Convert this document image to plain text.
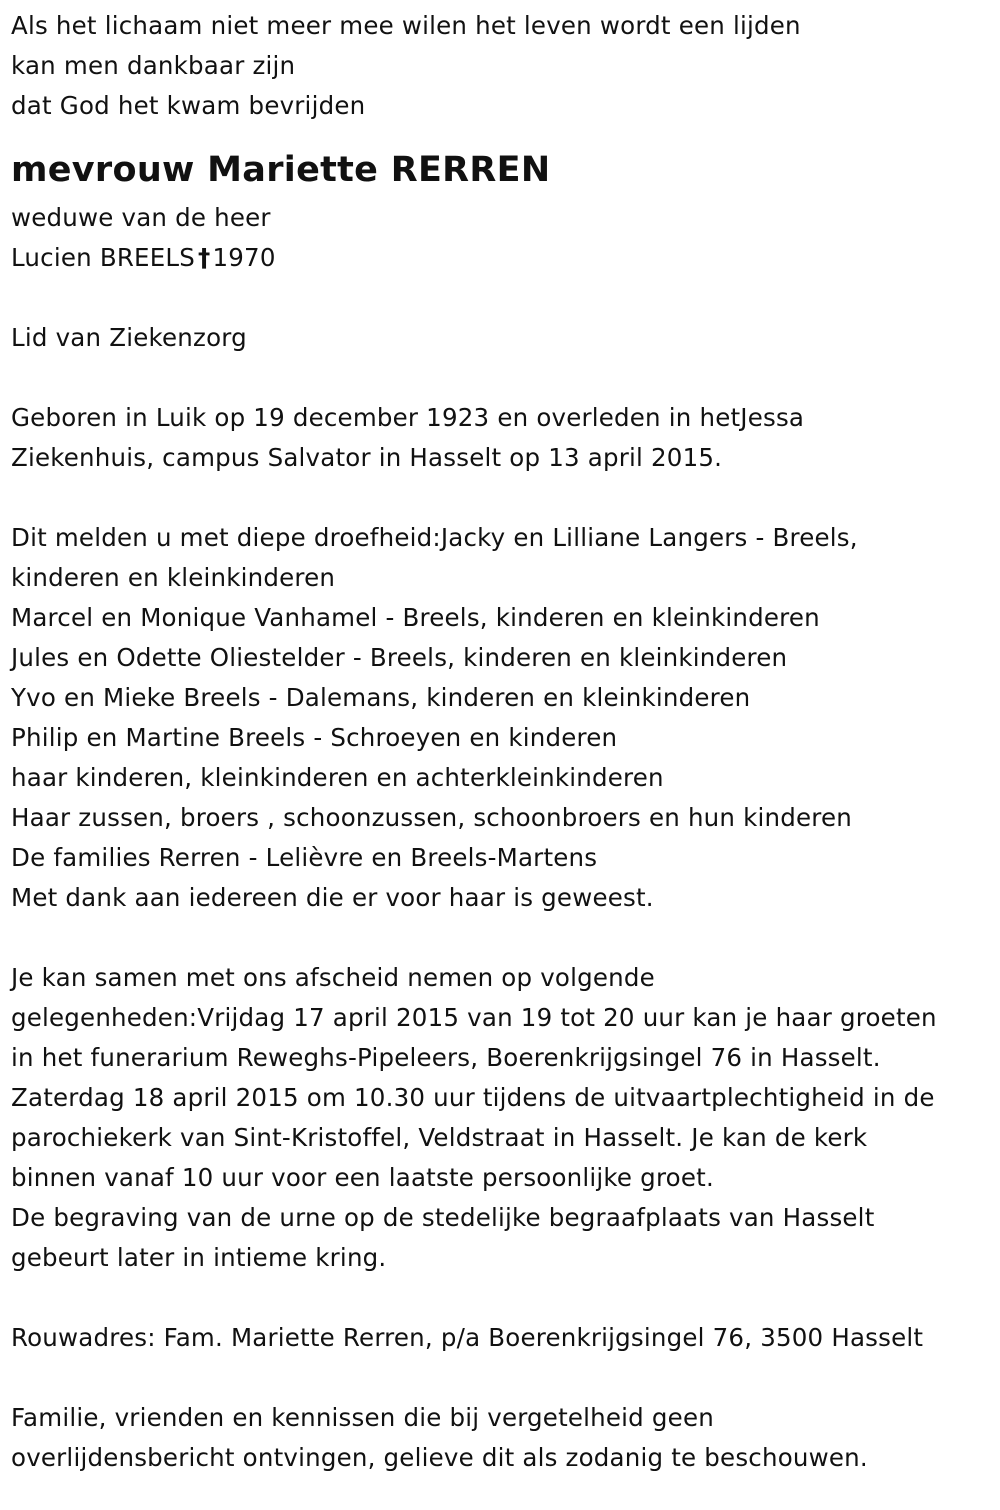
Als het lichaam niet meer mee wilen het leven wordt een lijden
kan men dankbaar zijn
dat God het kwam bevrijden
mevrouw Mariette RERREN
weduwe van de heer
Lucien BREELS †1970
Lid van Ziekenzorg
Geboren in Luik op 19 december 1923 en overleden in hetJessa
Ziekenhuis, campus Salvator in Hasselt op 13 april 2015.
Dit melden u met diepe droefheid:Jacky en Lilliane Langers - Breels,
kinderen en kleinkinderen
Marcel en Monique Vanhamel - Breels, kinderen en kleinkinderen
Jules en Odette Oliestelder - Breels, kinderen en kleinkinderen
Yvo en Mieke Breels - Dalemans, kinderen en kleinkinderen
Philip en Martine Breels - Schroeyen en kinderen
haar kinderen, kleinkinderen en achterkleinkinderen
Haar zussen, broers , schoonzussen, schoonbroers en hun kinderen
De families Rerren - Lelièvre en Breels-Martens
Met dank aan iedereen die er voor haar is geweest.
Je kan samen met ons afscheid nemen op volgende
gelegenheden:Vrijdag 17 april 2015 van 19 tot 20 uur kan je haar groeten
in het funerarium Reweghs-Pipeleers, Boerenkrijgsingel 76 in Hasselt.
Zaterdag 18 april 2015 om 10.30 uur tijdens de uitvaartplechtigheid in de
parochiekerk van Sint-Kristoffel, Veldstraat in Hasselt. Je kan de kerk
binnen vanaf 10 uur voor een laatste persoonlijke groet.
De begraving van de urne op de stedelijke begraafplaats van Hasselt
gebeurt later in intieme kring.
Rouwadres: Fam. Mariette Rerren, p/a Boerenkrijgsingel 76, 3500 Hasselt
Familie, vrienden en kennissen die bij vergetelheid geen
overlijdensbericht ontvingen, gelieve dit als zodanig te beschouwen.
